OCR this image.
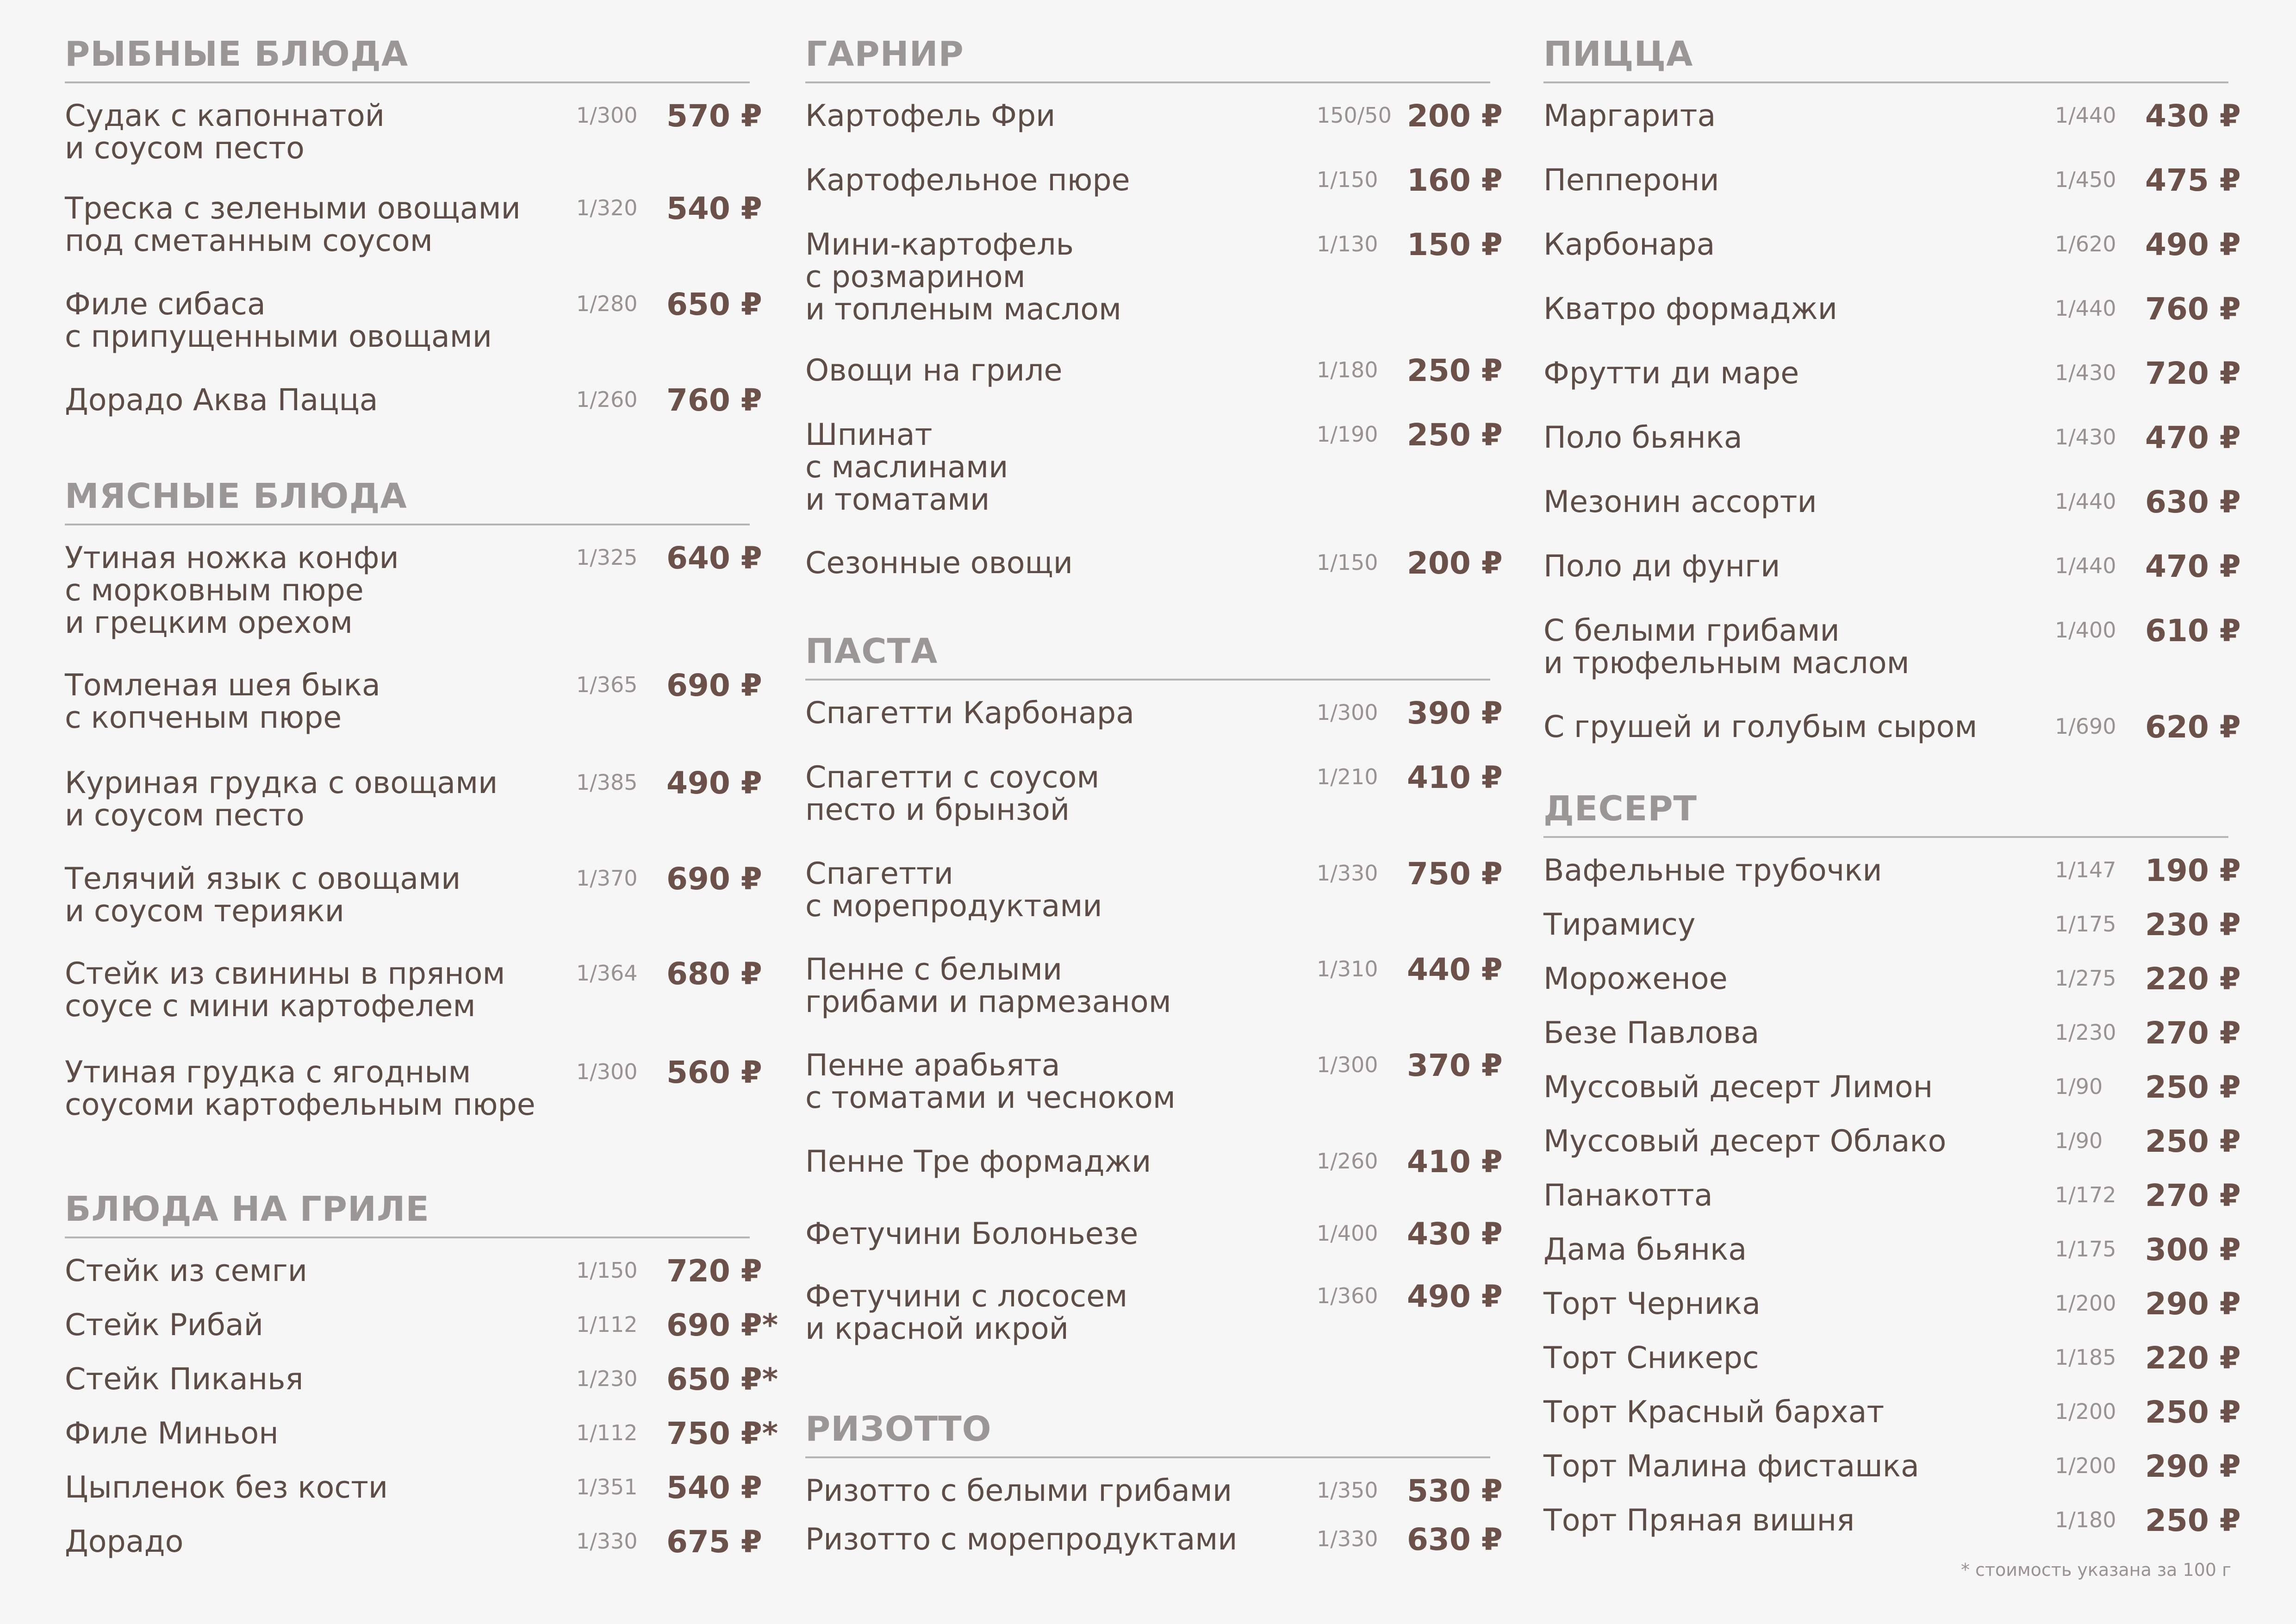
РЫБНЫЕ БЛЮДА
Судак с капоннатой
и соусом песто
1/300 570 ₽
Треска с зелеными овощами
под сметанным соусом
1/320 540 ₽
Филе сибаса
с припущенными овощами
1/280 650 ₽
Дорадо Аква Пацца	1/260 760 ₽
МЯСНЫЕ БЛЮДА
Утиная ножка конфи
с морковным пюре
и грецким орехом
1/325 640 ₽
Томленая шея быка
с копченым пюре
1/365 690 ₽
Куриная грудка с овощами
и соусом песто
1/385 490 ₽
Телячий язык с овощами
и соусом терияки
1/370 690 ₽
Стейк из свинины в пряном
соусе с мини картофелем
1/364 680 ₽
Утиная грудка с ягодным
соусоми картофельным пюре
1/300 560 ₽
БЛЮДА НА ГРИЛЕ
Стейк из семги	1/150 720 ₽
Стейк Рибай	1/112 690 ₽*
Стейк Пиканья	1/230 650 ₽*
Филе Миньон	1/112 750 ₽*
Цыпленок без кости	1/351 540 ₽
Дорадо	1/330 675 ₽
ГАРНИР
Картофель Фри	150/50 200 ₽
Картофельное пюре	1/150 160 ₽
Мини-картофель
с розмарином
и топленым маслом
1/130 150 ₽
Овощи на гриле	1/180 250 ₽
Шпинат
с маслинами
и томатами
1/190 250 ₽
Сезонные овощи	1/150 200 ₽
ПАСТА
Спагетти Карбонара	1/300 390 ₽
Спагетти с соусом
песто и брынзой
1/210 410 ₽
Спагетти
с морепродуктами
1/330 750 ₽
Пенне с белыми
грибами и пармезаном
1/310 440 ₽
Пенне арабьята
с томатами и чесноком
1/300 370 ₽
Пенне Тре формаджи	1/260 410 ₽
Фетучини Болоньезе	1/400 430 ₽
Фетучини с лососем
и красной икрой
1/360 490 ₽
РИЗОТТО
Ризотто с белыми грибами	1/350 530 ₽
Ризотто с морепродуктами	1/330 630 ₽
ПИЦЦА
Маргарита	1/440 430 ₽
Пепперони	1/450 475 ₽
Карбонара	1/620 490 ₽
Кватро формаджи	1/440 760 ₽
Фрутти ди маре	1/430 720 ₽
Поло бьянка	1/430 470 ₽
Мезонин ассорти	1/440 630 ₽
Поло ди фунги	1/440 470 ₽
С белыми грибами
и трюфельным маслом
1/400 610 ₽
С грушей и голубым сыром	1/690 620 ₽
ДЕСЕРТ
Вафельные трубочки	1/147 190 ₽
Тирамису	1/175 230 ₽
Мороженое	1/275 220 ₽
Безе Павлова	1/230 270 ₽
Муссовый десерт Лимон	1/90 250 ₽
Муссовый десерт Облако	1/90 250 ₽
Панакотта	1/172 270 ₽
Дама бьянка	1/175 300 ₽
Торт Черника	1/200 290 ₽
Торт Сникерс	1/185 220 ₽
Торт Красный бархат	1/200 250 ₽
Торт Малина фисташка	1/200 290 ₽
Торт Пряная вишня	1/180 250 ₽
* стоимость указана за 100 г
